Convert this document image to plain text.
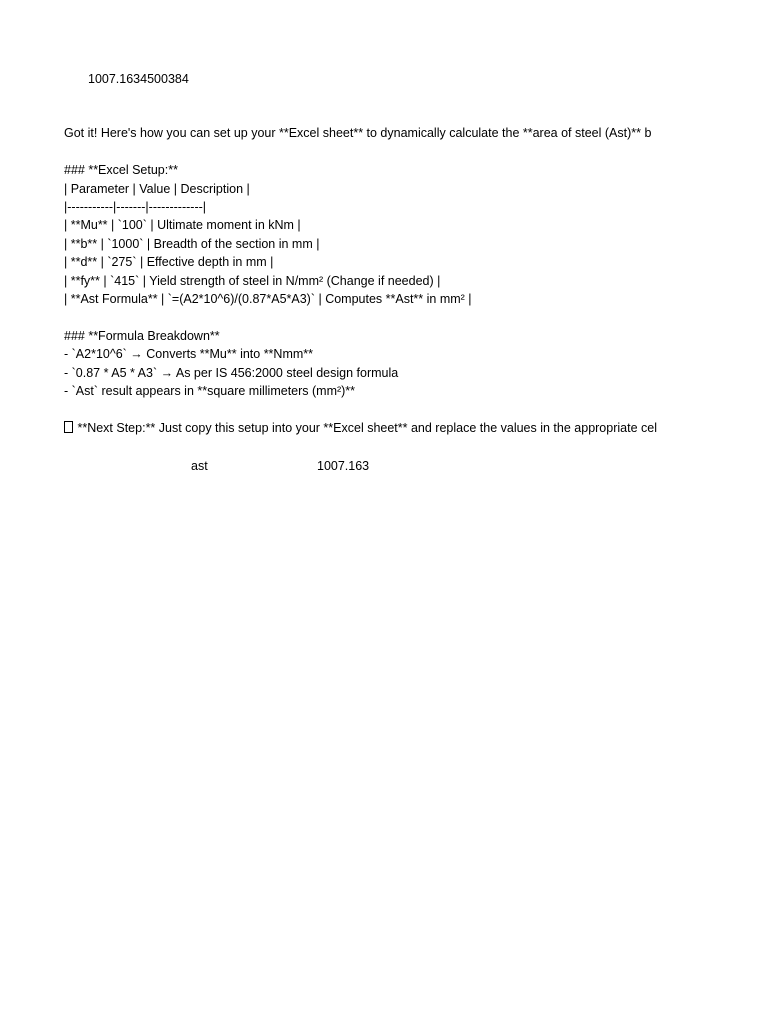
1007.1634500384
Got it! Here's how you can set up your **Excel sheet** to dynamically calculate the **area of steel (Ast)** b
### **Excel Setup:**
| Parameter | Value | Description |
|-----------|-------|-------------|
| **Mu** | `100` | Ultimate moment in kNm |
| **b** | `1000` | Breadth of the section in mm |
| **d** | `275` | Effective depth in mm |
| **fy** | `415` | Yield strength of steel in N/mm² (Change if needed) |
| **Ast Formula** | `=(A2*10^6)/(0.87*A5*A3)` | Computes **Ast** in mm² |
### **Formula Breakdown**
- `A2*10^6` → Converts **Mu** into **Nmm**
- `0.87 * A5 * A3` → As per IS 456:2000 steel design formula
- `Ast` result appears in **square millimeters (mm²)**
**Next Step:** Just copy this setup into your **Excel sheet** and replace the values in the appropriate cel
ast	1007.163
